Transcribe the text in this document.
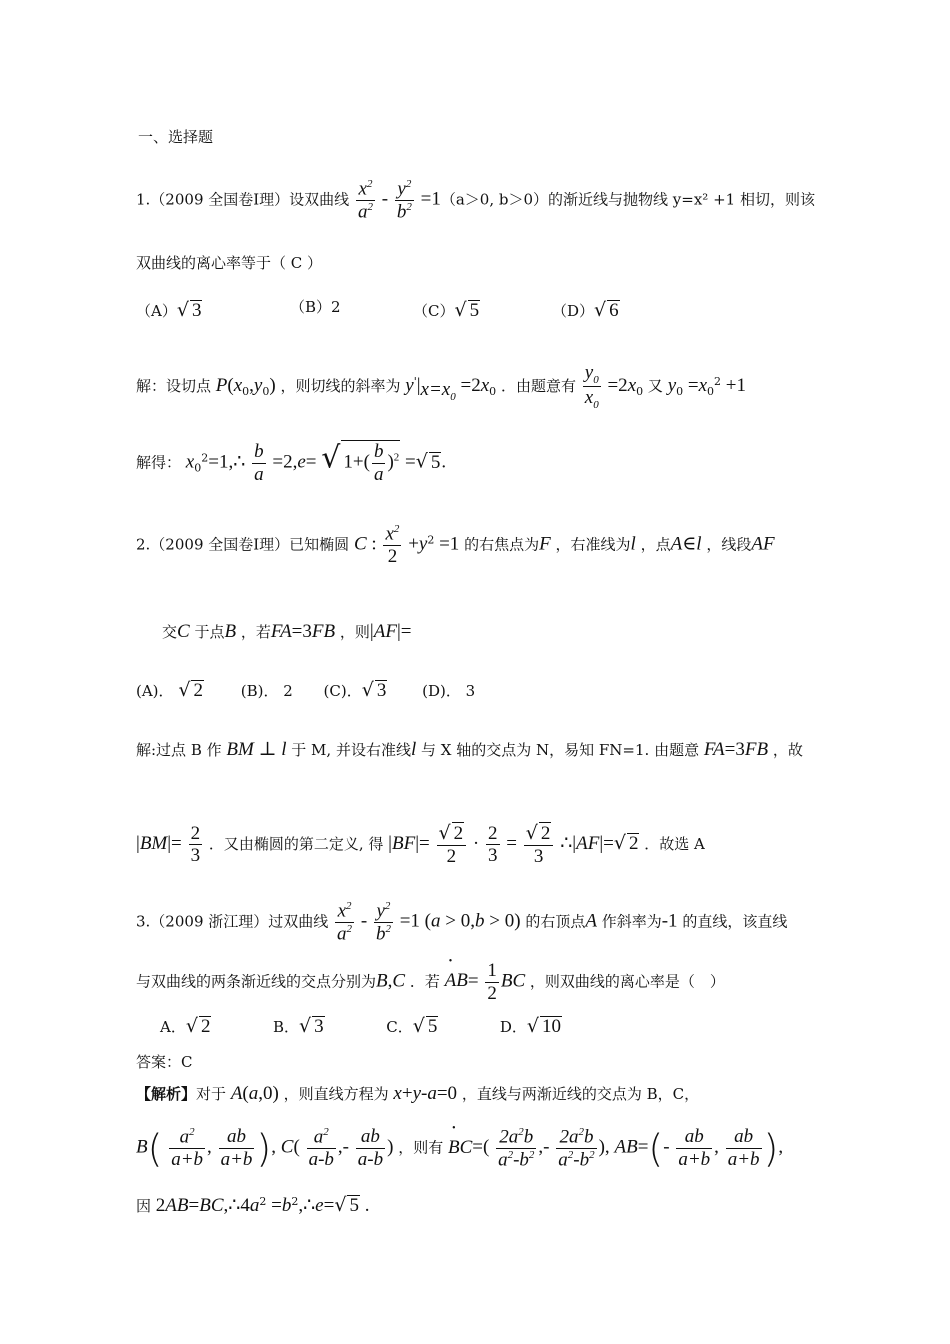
一、选择题
1.（2009 全国卷Ⅰ理）设双曲线 $\frac{x^2}{a^2} - \frac{y^2}{b^2} =1(a>0$, b＞0）的渐近线与抛物线 y=x² +1 相切，则该
双曲线的离心率等于（ C ）
（A）√ 3	（B）2	（C）√ 5	（D）√ 6
解：设切点 $P(x_0,y_0)$ ，则切线的斜率为 $y'|_{x=x_0} =2x_0$ ．由题意有 $\frac{y_0}{x_0} =2x_0$ 又 $y_0 =x_0^2 +1$
解得： $x_0^2=1,\therefore \frac{b}{a} =2,e=$ √ $1+( \frac{b}{a} )^2$ =√ 5.
2.（2009 全国卷Ⅰ理）已知椭圆 C : $\frac{x^2}{2} +y^2 =1$ 的右焦点为F ，右准线为l ，点A∈l ，线段AF
交C 于点B ，若FA=3FB ，则|AF|=
(A)． √ 2	(B)． 2 (C)．√ 3 (D)． 3
解:过点 B 作 BM ⊥ l 于 M, 并设右准线l 与 X 轴的交点为 N，易知 FN=1. 由题意 FA=3FB ，故
$|BM|= \frac{2}{3}$ ．又由椭圆的第二定义, 得 $|BF|= \frac{√ 2}{2} \cdot \frac{2}{3} = \frac{√ 2}{3}$ ∴|AF|=√ 2 ．故选 A
3.（2009 浙江理）过双曲线 $\frac{x^2}{a^2} - \frac{y^2}{b^2} =1$ (a > 0,b > 0) 的右顶点A 作斜率为-1 的直线，该直线
与双曲线的两条渐近线的交点分别为B,C ．若 • $AB= \frac{1}{2}$ BC ，则双曲线的离心率是（　）
A．√ 2	B．√ 3	C．√ 5	D．√ 10
答案：C
【解析】对于 A(a,0) ，则直线方程为 x+y-a=0 ，直线与两渐近线的交点为 B，C，
$B( \frac{a^2}{a+b}$ , $\frac{ab}{a+b}$ ), $C( \frac{a^2}{a-b}$ ,- $\frac{ab}{a-b}$ ) ，则有 • $BC=( \frac{2a^2b}{a^2-b^2}$ ,- $\frac{2a^2b}{a^2-b^2}$ ), $AB=(- \frac{ab}{a+b}$ , $\frac{ab}{a+b}$ ),
因 $2AB=BC,\therefore 4a^2$ $=b^2,\therefore e=√$ 5 .
